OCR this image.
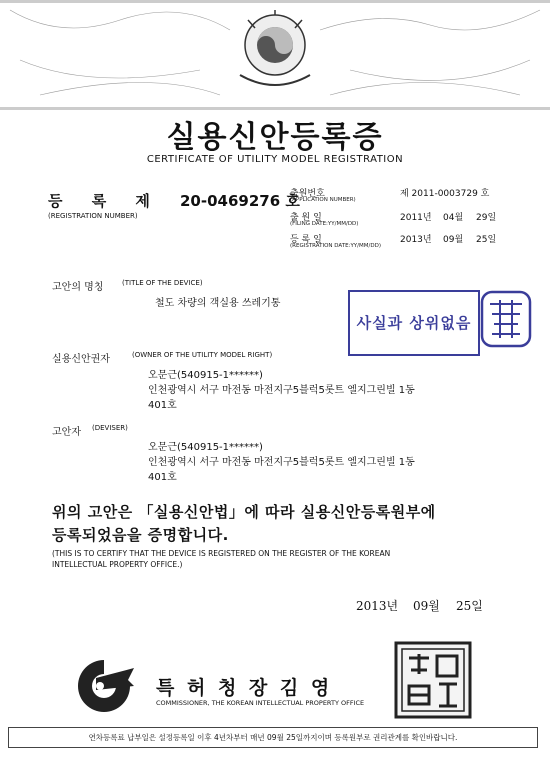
실용신안등록증
CERTIFICATE OF UTILITY MODEL REGISTRATION
등 록 제 20-0469276 호
(REGISTRATION NUMBER)
출원번호
(APPLICATION NUMBER)
제 2011-0003729 호
출 원 일
(FILING DATE:YY/MM/DD)
2011년 04월 29일
등 록 일
(REGISTRATION DATE:YY/MM/DD)
2013년 09월 25일
고안의 명칭	(TITLE OF THE DEVICE)
철도 차량의 객실용 쓰레기통
사실과 상위없음
실용신안권자	(OWNER OF THE UTILITY MODEL RIGHT)
오문근(540915-1******)
인천광역시 서구 마전동 마전지구5블럭5롯트 엘지그린빌 1동
401호
고안자 (DEVISER)
오문근(540915-1******)
인천광역시 서구 마전동 마전지구5블럭5롯트 엘지그린빌 1동
401호
위의 고안은 「실용신안법」에 따라 실용신안등록원부에
등록되었음을 증명합니다.
(THIS IS TO CERTIFY THAT THE DEVICE IS REGISTERED ON THE REGISTER OF THE KOREAN
INTELLECTUAL PROPERTY OFFICE.)
2013년 09월 25일
특 허 청 장 김 영
COMMISSIONER, THE KOREAN INTELLECTUAL PROPERTY OFFICE
연차등록료 납부일은 설정등록일 이후 4년차부터 매년 09월 25일까지이며 등록원부로 권리관계를 확인바랍니다.
